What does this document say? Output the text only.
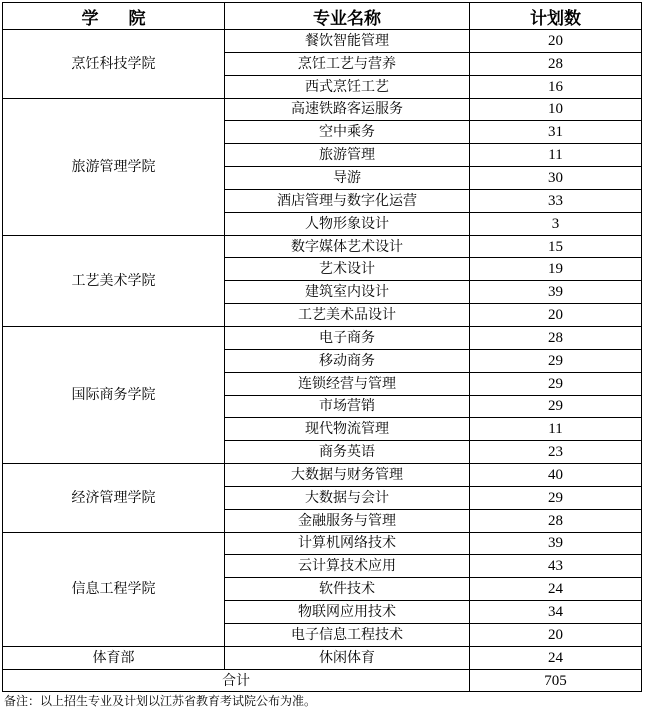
学 院	专业名称	计划数
烹饪科技学院	餐饮智能管理	20
	烹饪工艺与营养	28
	西式烹饪工艺	16
旅游管理学院	高速铁路客运服务	10
	空中乘务	31
	旅游管理	11
	导游	30
	酒店管理与数字化运营	33
	人物形象设计	3
工艺美术学院	数字媒体艺术设计	15
	艺术设计	19
	建筑室内设计	39
	工艺美术品设计	20
国际商务学院	电子商务	28
	移动商务	29
	连锁经营与管理	29
	市场营销	29
	现代物流管理	11
	商务英语	23
经济管理学院	大数据与财务管理	40
	大数据与会计	29
	金融服务与管理	28
信息工程学院	计算机网络技术	39
	云计算技术应用	43
	软件技术	24
	物联网应用技术	34
	电子信息工程技术	20
体育部	休闲体育	24
合计		705
备注：以上招生专业及计划以江苏省教育考试院公布为准。
